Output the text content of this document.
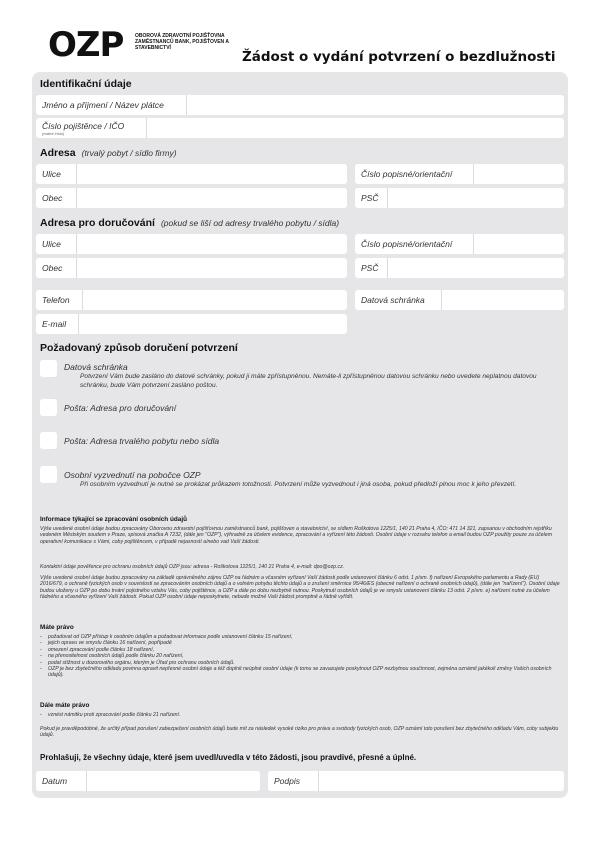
OZP OBOROVÁ ZDRAVOTNÍ POJIŠŤOVNA ZAMĚSTNANCŮ BANK, POJIŠŤOVEN A STAVEBNICTVÍ
Žádost o vydání potvrzení o bezdlužnosti
Identifikační údaje
Jméno a příjmení / Název plátce
Číslo pojištěnce / IČO
(rodné číslo)
Adresa (trvalý pobyt / sídlo firmy)
Ulice	Číslo popisné/orientační
Obec	PSČ
Adresa pro doručování (pokud se liší od adresy trvalého pobytu / sídla)
Ulice	Číslo popisné/orientační
Obec	PSČ
Telefon	Datová schránka
E-mail
Požadovaný způsob doručení potvrzení
Datová schránka
Potvrzení Vám bude zasláno do datové schránky, pokud ji máte zpřístupněnou. Nemáte-li zpřístupněnou datovou schránku nebo uvedete neplatnou datovou schránku, bude Vám potvrzení zasláno poštou.
Pošta: Adresa pro doručování
Pošta: Adresa trvalého pobytu nebo sídla
Osobní vyzvednutí na pobočce OZP
Při osobním vyzvednutí je nutné se prokázat průkazem totožnosti. Potvrzení může vyzvednout i jiná osoba, pokud předloží plnou moc k jeho převzetí.
Informace týkající se zpracování osobních údajů
Výše uvedené osobní údaje budou zpracovány Oborovou zdravotní pojišťovnou zaměstnanců bank, pojišťoven a stavebnictví, se sídlem Roškotova 1225/1, 140 21 Praha 4, IČO: 471 14 321, zapsanou v obchodním rejstříku vedeném Městským soudem v Praze, spisová značka A 7232, (dále jen "OZP"), výhradně za účelem evidence, zpracování a vyřízení této žádosti. Osobní údaje v rozsahu telefon a email budou OZP použity pouze za účelem operativní komunikace s Vámi, coby pojištěncem, v případě nejasností a/nebo vad Vaší žádosti.
Kontaktní údaje pověřence pro ochranu osobních údajů OZP jsou: adresa - Roškotova 1225/1, 140 21 Praha 4, e-mail: dpo@ozp.cz.
Výše uvedené osobní údaje budou zpracovány na základě oprávněného zájmu OZP na řádném a včasném vyřízení Vaší žádosti podle ustanovení článku 6 odst. 1 písm. f) nařízení Evropského parlamentu a Rady (EU) 2016/679, o ochraně fyzických osob v souvislosti se zpracováním osobních údajů a o volném pohybu těchto údajů a o zrušení směrnice 95/46/ES (obecné nařízení o ochraně osobních údajů), (dále jen "nařízení"). Osobní údaje budou uloženy u OZP po dobu trvání pojistného vztahu Vás, coby pojištěnce, a OZP a dále po dobu nezbytně nutnou. Poskytnutí osobních údajů je ve smyslu ustanovení článku 13 odst. 2 písm. e) nařízení nutné za účelem řádného a včasného vyřízení Vaší žádosti. Pokud OZP osobní údaje neposkytnete, nebude možné Vaši žádost promptně a řádně vyřídit.
Máte právo
- požadovat od OZP přístup k osobním údajům a požadovat informace podle ustanovení článku 15 nařízení,
- jejich opravu ve smyslu článku 16 nařízení, popřípadě
- omezení zpracování podle článku 18 nařízení,
- na přenositelnost osobních údajů podle článku 20 nařízení,
- podat stížnost u dozorového orgánu, kterým je Úřad pro ochranu osobních údajů.
- OZP je bez zbytečného odkladu povinna opravit nepřesné osobní údaje a též doplnit neúplné osobní údaje (k tomu se zavazujete poskytnout OZP nezbytnou součinnost, zejména oznámit jakékoli změny Vašich osobních údajů).
Dále máte právo
- vznést námitku proti zpracování podle článku 21 nařízení.
Pokud je pravděpodobné, že určitý případ porušení zabezpečení osobních údajů bude mít za následek vysoké riziko pro práva a svobody fyzických osob, OZP oznámí toto porušení bez zbytečného odkladu Vám, coby subjektu údajů.
Prohlašuji, že všechny údaje, které jsem uvedl/uvedla v této žádosti, jsou pravdivé, přesné a úplné.
Datum	Podpis
